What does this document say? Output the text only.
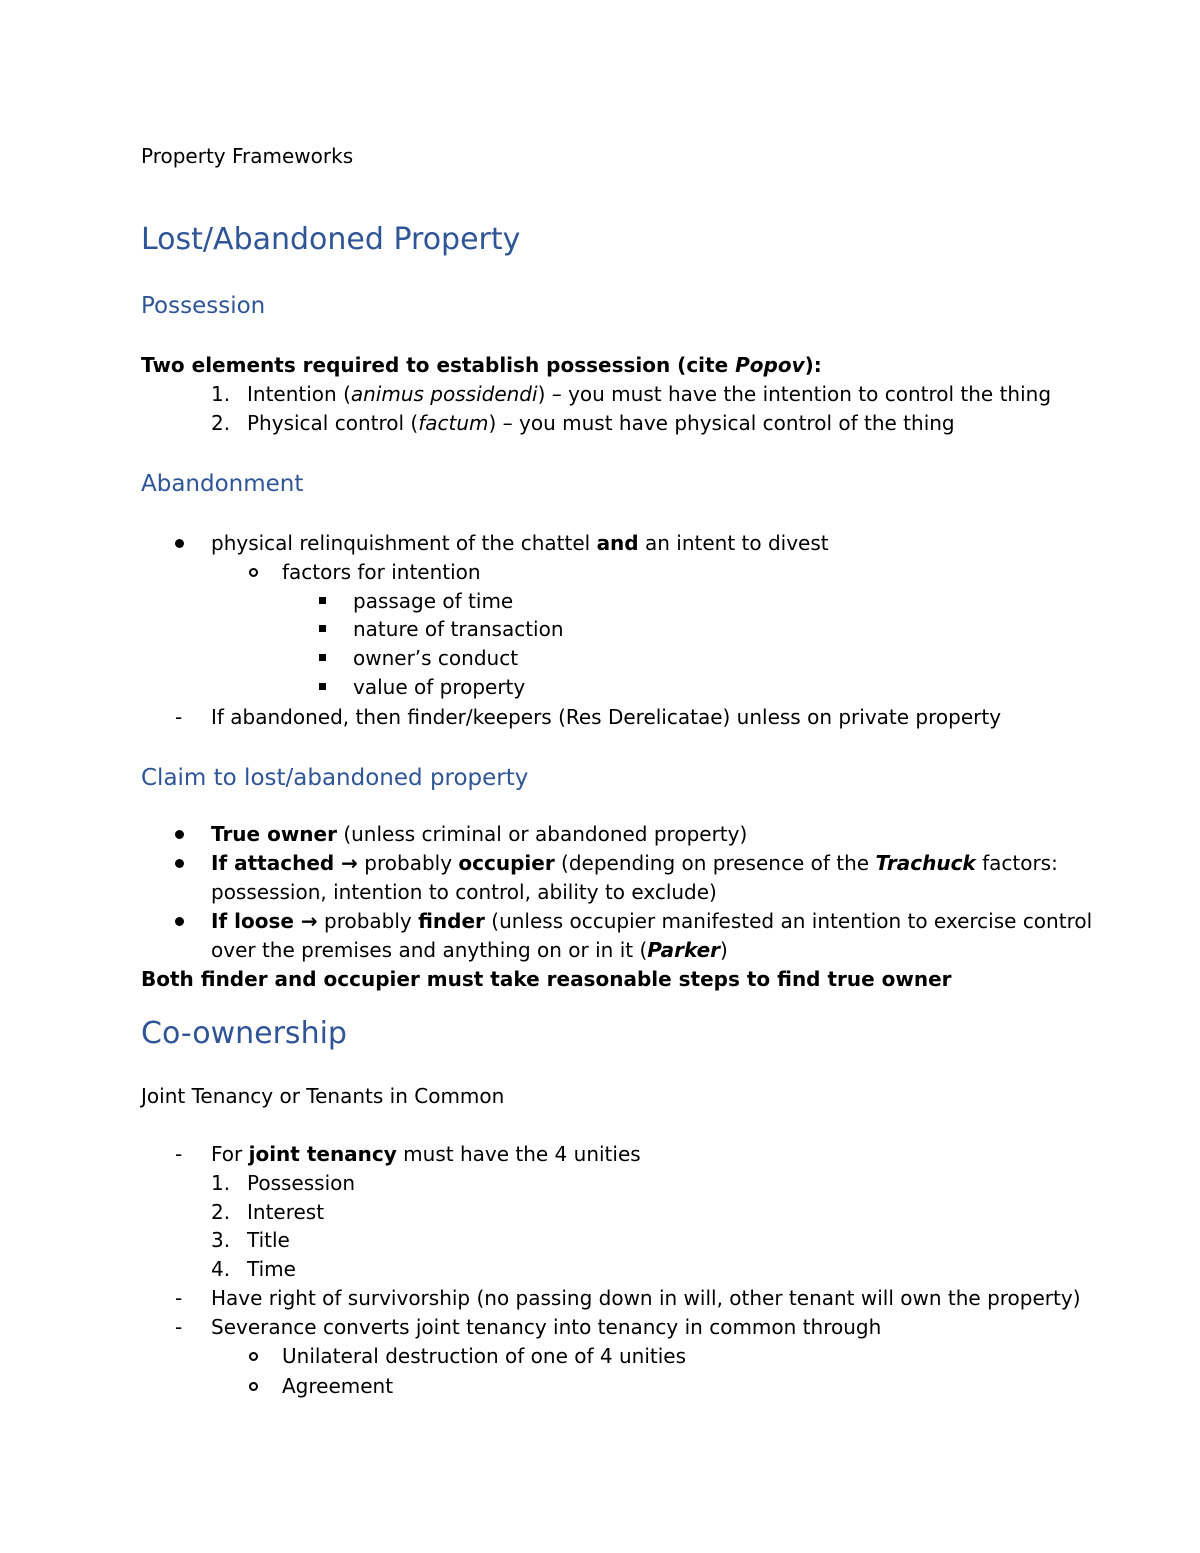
Property Frameworks
Lost/Abandoned Property
Possession
Two elements required to establish possession (cite Popov):
1. Intention (animus possidendi) – you must have the intention to control the thing
2. Physical control (factum) – you must have physical control of the thing
Abandonment
physical relinquishment of the chattel and an intent to divest
factors for intention
passage of time
nature of transaction
owner’s conduct
value of property
- If abandoned, then finder/keepers (Res Derelicatae) unless on private property
Claim to lost/abandoned property
True owner (unless criminal or abandoned property)
If attached → probably occupier (depending on presence of the Trachuck factors:
possession, intention to control, ability to exclude)
If loose → probably finder (unless occupier manifested an intention to exercise control
over the premises and anything on or in it (Parker)
Both finder and occupier must take reasonable steps to find true owner
Co-ownership
Joint Tenancy or Tenants in Common
- For joint tenancy must have the 4 unities
1. Possession
2. Interest
3. Title
4. Time
- Have right of survivorship (no passing down in will, other tenant will own the property)
- Severance converts joint tenancy into tenancy in common through
Unilateral destruction of one of 4 unities
Agreement
